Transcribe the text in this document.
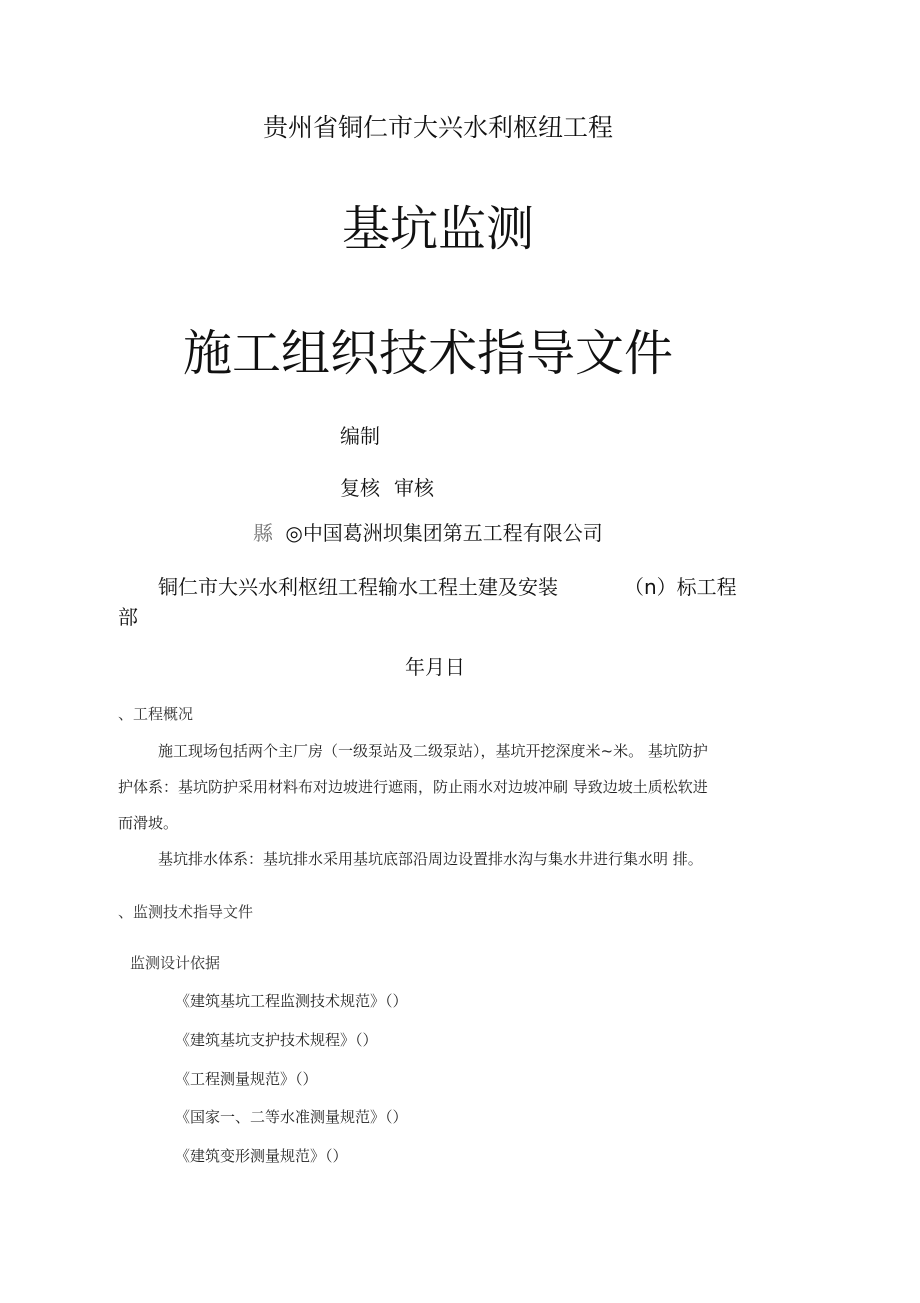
贵州省铜仁市大兴水利枢纽工程
基坑监测
施工组织技术指导文件
编制
复核 审核
縣 ◎中国葛洲坝集团第五工程有限公司
铜仁市大兴水利枢纽工程输水工程土建及安装	（n）标工程
部
年月日
、工程概况
施工现场包括两个主厂房（一级泵站及二级泵站），基坑开挖深度米~米。 基坑防护
护体系：基坑防护采用材料布对边坡进行遮雨，防止雨水对边坡冲刷 导致边坡土质松软进
而滑坡。
基坑排水体系：基坑排水采用基坑底部沿周边设置排水沟与集水井进行集水明 排。
、监测技术指导文件
监测设计依据
《建筑基坑工程监测技术规范》（）
《建筑基坑支护技术规程》（）
《工程测量规范》（）
《国家一、二等水准测量规范》（）
《建筑变形测量规范》（）
